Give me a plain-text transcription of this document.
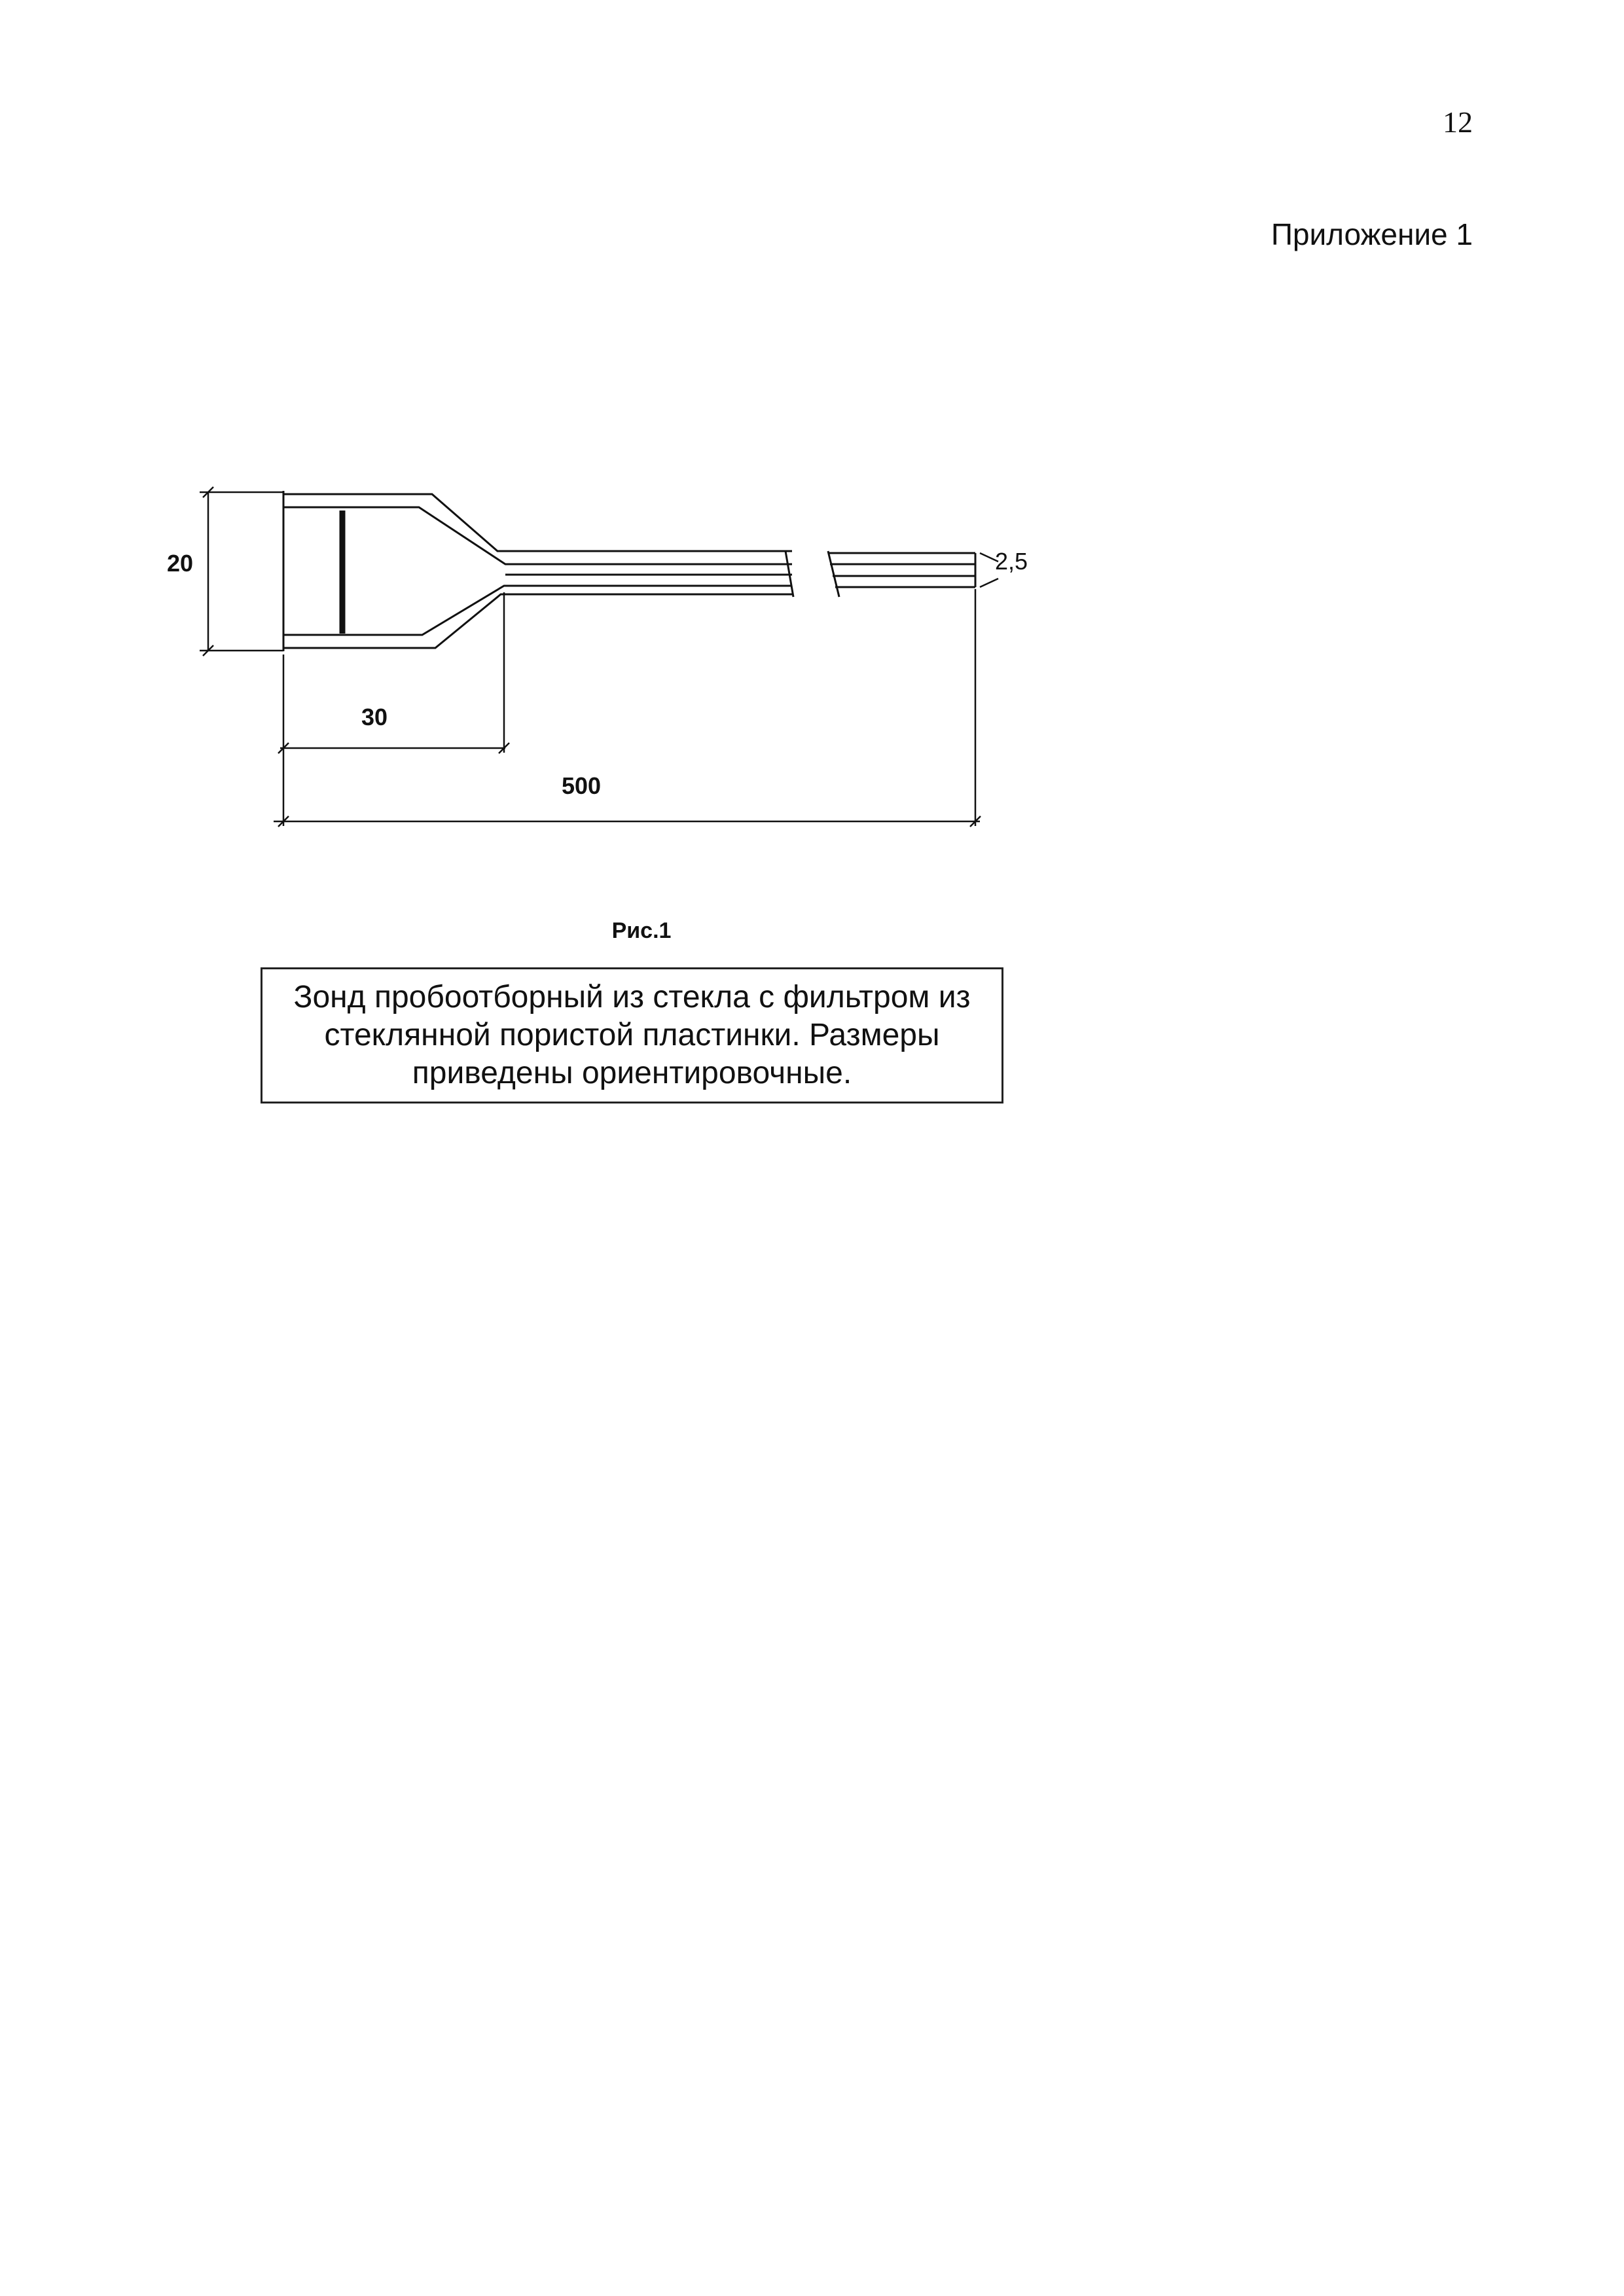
12
Приложение 1
20	2,5
30
500
Рис.1
Зонд пробоотборный из стекла с фильтром из стеклянной пористой пластинки. Размеры приведены ориентировочные.
